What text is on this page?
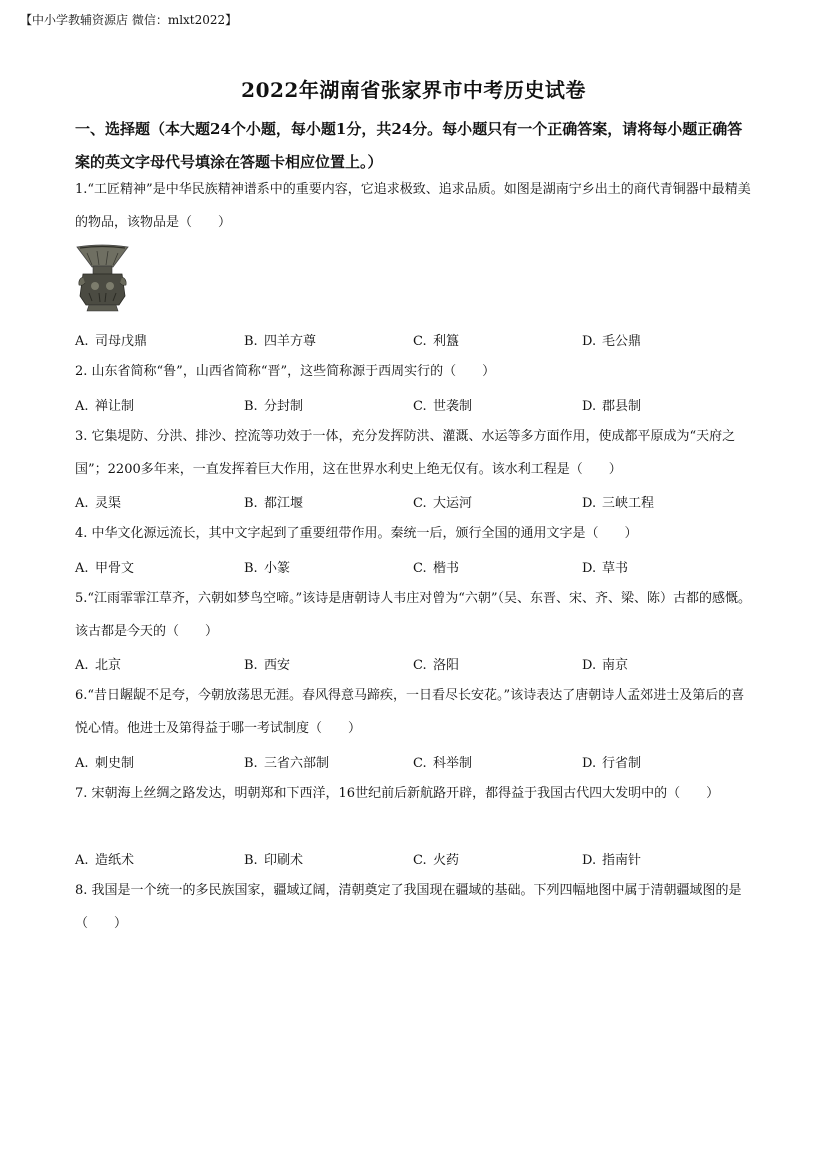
【中小学教辅资源店 微信：mlxt2022】
2022年湖南省张家界市中考历史试卷
一、选择题（本大题24个小题，每小题1分，共24分。每小题只有一个正确答案，请将每小题正确答案的英文字母代号填涂在答题卡相应位置上。）
1.“工匠精神”是中华民族精神谱系中的重要内容，它追求极致、追求品质。如图是湖南宁乡出土的商代青铜器中最精美的物品，该物品是（　　）
A. 司母戊鼎	B. 四羊方尊	C. 利簋	D. 毛公鼎
2. 山东省简称“鲁”，山西省简称“晋”，这些简称源于西周实行的（　　）
A. 禅让制	B. 分封制	C. 世袭制	D. 郡县制
3. 它集堤防、分洪、排沙、控流等功效于一体，充分发挥防洪、灌溉、水运等多方面作用，使成都平原成为“天府之国”；2200多年来，一直发挥着巨大作用，这在世界水利史上绝无仅有。该水利工程是（　　）
A. 灵渠	B. 都江堰	C. 大运河	D. 三峡工程
4. 中华文化源远流长，其中文字起到了重要纽带作用。秦统一后，颁行全国的通用文字是（　　）
A. 甲骨文	B. 小篆	C. 楷书	D. 草书
5.“江雨霏霏江草齐，六朝如梦鸟空啼。”该诗是唐朝诗人韦庄对曾为“六朝”（吴、东晋、宋、齐、梁、陈）古都的感慨。该古都是今天的（　　）
A. 北京	B. 西安	C. 洛阳	D. 南京
6.“昔日龌龊不足夸，今朝放荡思无涯。春风得意马蹄疾，一日看尽长安花。”该诗表达了唐朝诗人孟郊进士及第后的喜悦心情。他进士及第得益于哪一考试制度（　　）
A. 刺史制	B. 三省六部制	C. 科举制	D. 行省制
7. 宋朝海上丝绸之路发达，明朝郑和下西洋，16世纪前后新航路开辟，都得益于我国古代四大发明中的（　　）
A. 造纸术	B. 印刷术	C. 火药	D. 指南针
8. 我国是一个统一的多民族国家，疆域辽阔，清朝奠定了我国现在疆域的基础。下列四幅地图中属于清朝疆域图的是（　　）
